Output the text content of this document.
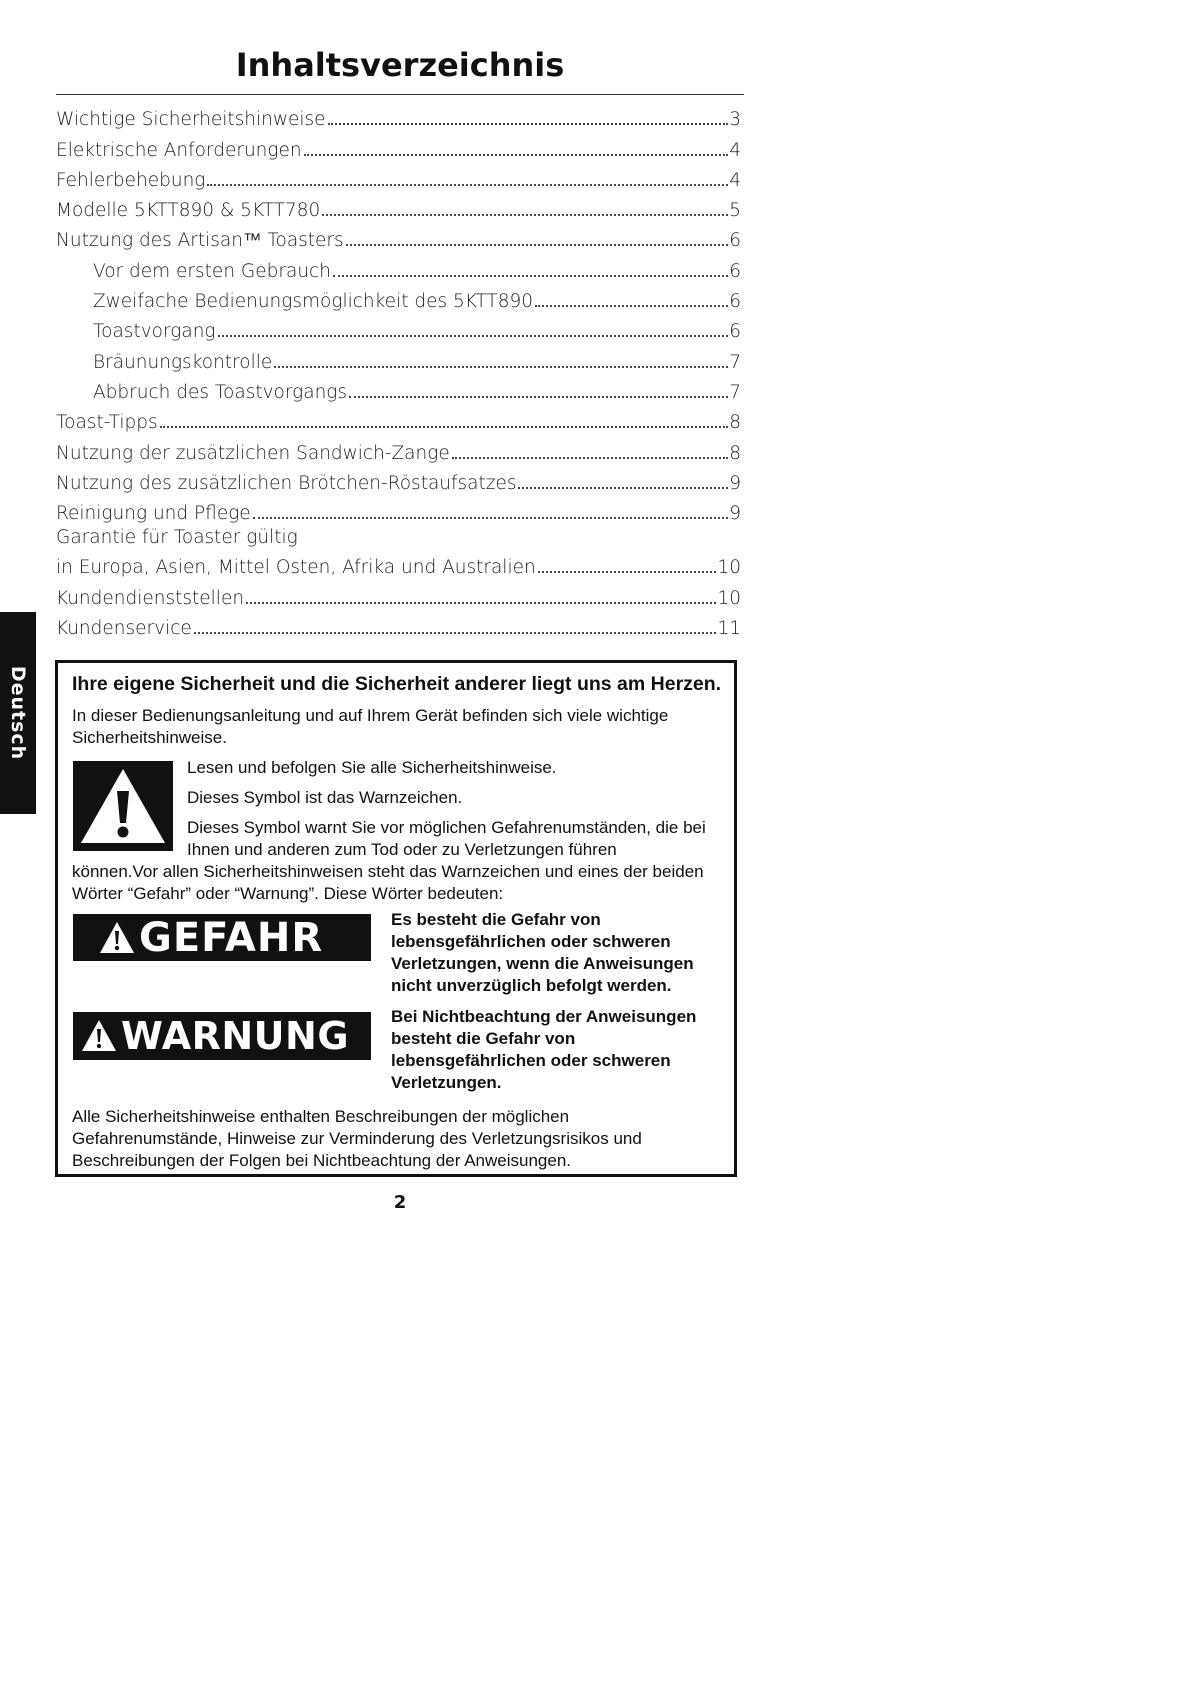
Deutsch
Inhaltsverzeichnis
Wichtige Sicherheitshinweise	3
Elektrische Anforderungen	4
Fehlerbehebung	4
Modelle 5KTT890 & 5KTT780	5
Nutzung des Artisan™ Toasters	6
Vor dem ersten Gebrauch	6
Zweifache Bedienungsmöglichkeit des 5KTT890	6
Toastvorgang	6
Bräunungskontrolle	7
Abbruch des Toastvorgangs	7
Toast-Tipps	8
Nutzung der zusätzlichen Sandwich-Zange	8
Nutzung des zusätzlichen Brötchen-Röstaufsatzes	9
Reinigung und Pflege	9
Garantie für Toaster gültig
in Europa, Asien, Mittel Osten, Afrika und Australien	10
Kundendienststellen	10
Kundenservice	11
Ihre eigene Sicherheit und die Sicherheit anderer liegt uns am Herzen.
In dieser Bedienungsanleitung und auf Ihrem Gerät befinden sich viele wichtige Sicherheitshinweise.

Lesen und befolgen Sie alle Sicherheitshinweise.

Dieses Symbol ist das Warnzeichen.

Dieses Symbol warnt Sie vor möglichen Gefahrenumständen, die bei Ihnen und anderen zum Tod oder zu Verletzungen führen

können.Vor allen Sicherheitshinweisen steht das Warnzeichen und eines der beiden Wörter “Gefahr” oder “Warnung”. Diese Wörter bedeuten:
GEFAHR	Es besteht die Gefahr von lebensgefährlichen oder schweren Verletzungen, wenn die Anweisungen nicht unverzüglich befolgt werden.
WARNUNG Bei Nichtbeachtung der Anweisungen besteht die Gefahr von lebensgefährlichen oder schweren Verletzungen.
Alle Sicherheitshinweise enthalten Beschreibungen der möglichen Gefahrenumstände, Hinweise zur Verminderung des Verletzungsrisikos und Beschreibungen der Folgen bei Nichtbeachtung der Anweisungen.
2
